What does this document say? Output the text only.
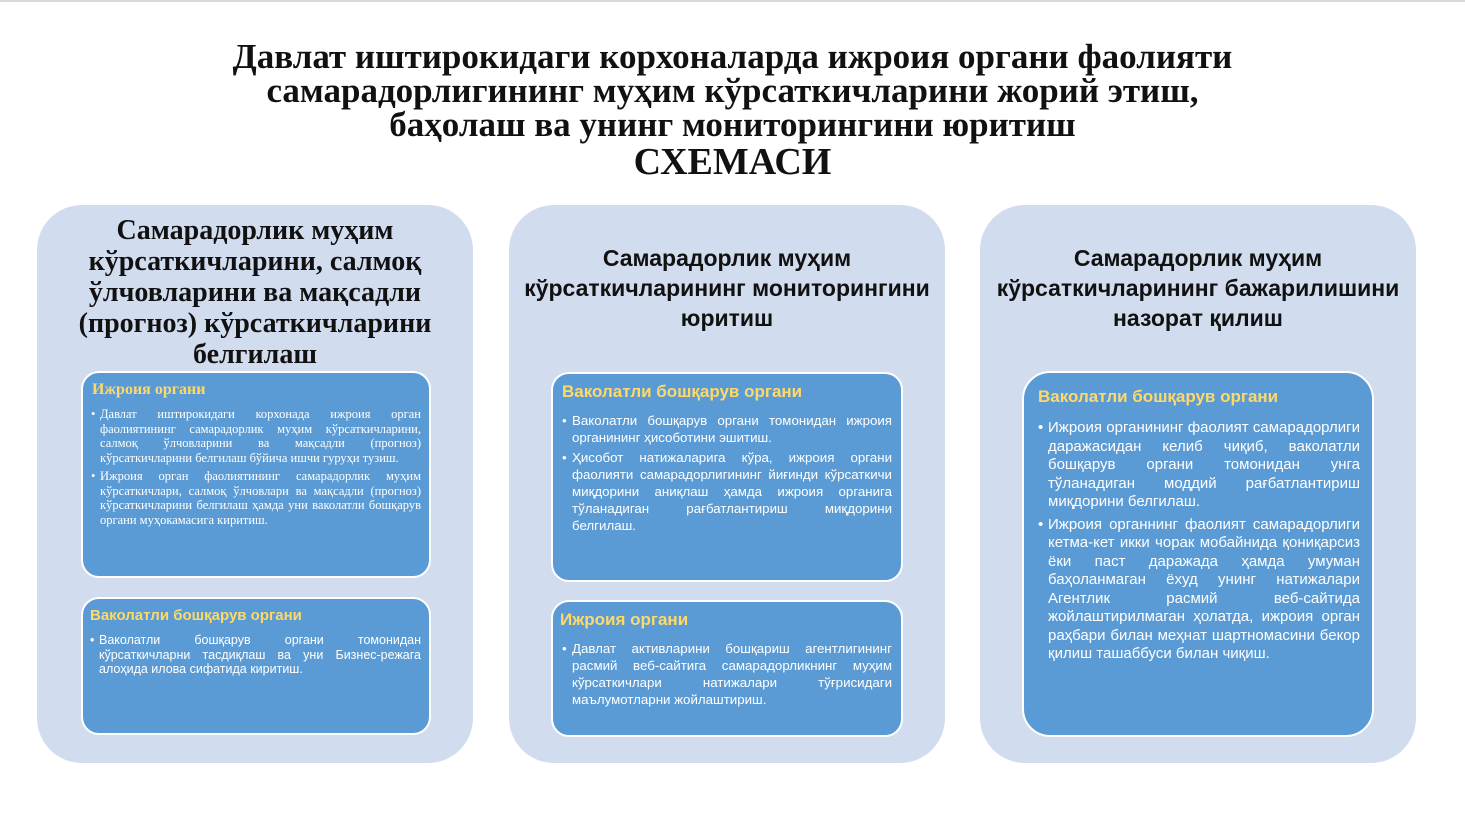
Давлат иштирокидаги корхоналарда ижроия органи фаолияти
самарадорлигининг муҳим кўрсаткичларини жорий этиш,
баҳолаш ва унинг мониторингини юритиш
СХЕМАСИ
Самарадорлик муҳим кўрсаткичларини, салмоқ ўлчовларини ва мақсадли (прогноз) кўрсаткичларини белгилаш
Ижроия органи
• Давлат иштирокидаги корхонада ижроия орган фаолиятининг самарадорлик муҳим кўрсаткичларини, салмоқ ўлчовларини ва мақсадли (прогноз) кўрсаткичларини белгилаш бўйича ишчи гуруҳи тузиш.
• Ижроия орган фаолиятининг самарадорлик муҳим кўрсаткичлари, салмоқ ўлчовлари ва мақсадли (прогноз) кўрсаткичларини белгилаш ҳамда уни ваколатли бошқарув органи муҳокамасига киритиш.
Ваколатли бошқарув органи
• Ваколатли бошқарув органи томонидан кўрсаткичларни тасдиқлаш ва уни Бизнес-режага алоҳида илова сифатида киритиш.
Самарадорлик муҳим кўрсаткичларининг мониторингини юритиш
Ваколатли бошқарув органи
• Ваколатли бошқарув органи томонидан ижроия органининг ҳисоботини эшитиш.
• Ҳисобот натижаларига кўра, ижроия органи фаолияти самарадорлигининг йиғинди кўрсаткичи миқдорини аниқлаш ҳамда ижроия органига тўланадиган рағбатлантириш миқдорини белгилаш.
Ижроия органи
• Давлат активларини бошқариш агентлигининг расмий веб-сайтига самарадорликнинг муҳим кўрсаткичлари натижалари тўғрисидаги маълумотларни жойлаштириш.
Самарадорлик муҳим кўрсаткичларининг бажарилишини назорат қилиш
Ваколатли бошқарув органи
• Ижроия органининг фаолият самарадорлиги даражасидан келиб чиқиб, ваколатли бошқарув органи томонидан унга тўланадиган моддий рағбатлантириш миқдорини белгилаш.
• Ижроия органнинг фаолият самарадорлиги кетма-кет икки чорак мобайнида қониқарсиз ёки паст даражада ҳамда умуман баҳоланмаган ёхуд унинг натижалари Агентлик расмий веб-сайтида жойлаштирилмаган ҳолатда, ижроия орган раҳбари билан меҳнат шартномасини бекор қилиш ташаббуси билан чиқиш.
